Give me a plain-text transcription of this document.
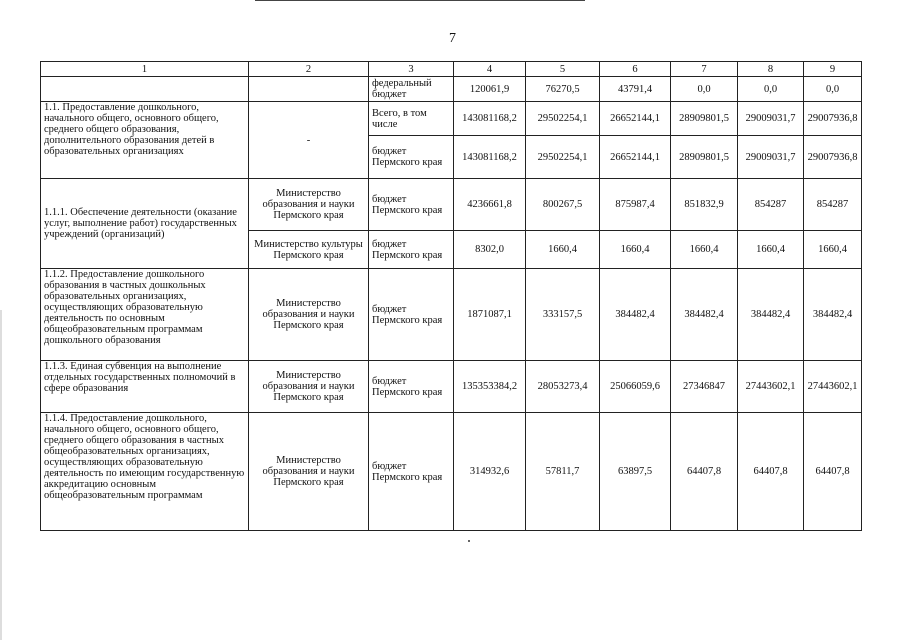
7
1	2	3	4	5	6	7	8	9
		федеральный бюджет	120061,9	76270,5	43791,4	0,0	0,0	0,0
1.1. Предоставление дошкольного, начального общего, основного общего, среднего общего образования, дополнительного образования детей в образовательных организациях	-	Всего, в том числе	143081168,2	29502254,1	26652144,1	28909801,5	29009031,7	29007936,8
		бюджет Пермского края	143081168,2	29502254,1	26652144,1	28909801,5	29009031,7	29007936,8
1.1.1. Обеспечение деятельности (оказание услуг, выполнение работ) государственных учреждений (организаций)	Министерство образования и науки Пермского края	бюджет Пермского края	4236661,8	800267,5	875987,4	851832,9	854287	854287
	Министерство культуры Пермского края	бюджет Пермского края	8302,0	1660,4	1660,4	1660,4	1660,4	1660,4
1.1.2. Предоставление дошкольного образования в частных дошкольных образовательных организациях, осуществляющих образовательную деятельность по основным общеобразовательным программам дошкольного образования	Министерство образования и науки Пермского края	бюджет Пермского края	1871087,1	333157,5	384482,4	384482,4	384482,4	384482,4
1.1.3. Единая субвенция на выполнение отдельных государственных полномочий в сфере образования	Министерство образования и науки Пермского края	бюджет Пермского края	135353384,2	28053273,4	25066059,6	27346847	27443602,1	27443602,1
1.1.4. Предоставление дошкольного, начального общего, основного общего, среднего общего образования в частных общеобразовательных организациях, осуществляющих образовательную деятельность по имеющим государственную аккредитацию основным общеобразовательным программам	Министерство образования и науки Пермского края	бюджет Пермского края	314932,6	57811,7	63897,5	64407,8	64407,8	64407,8
